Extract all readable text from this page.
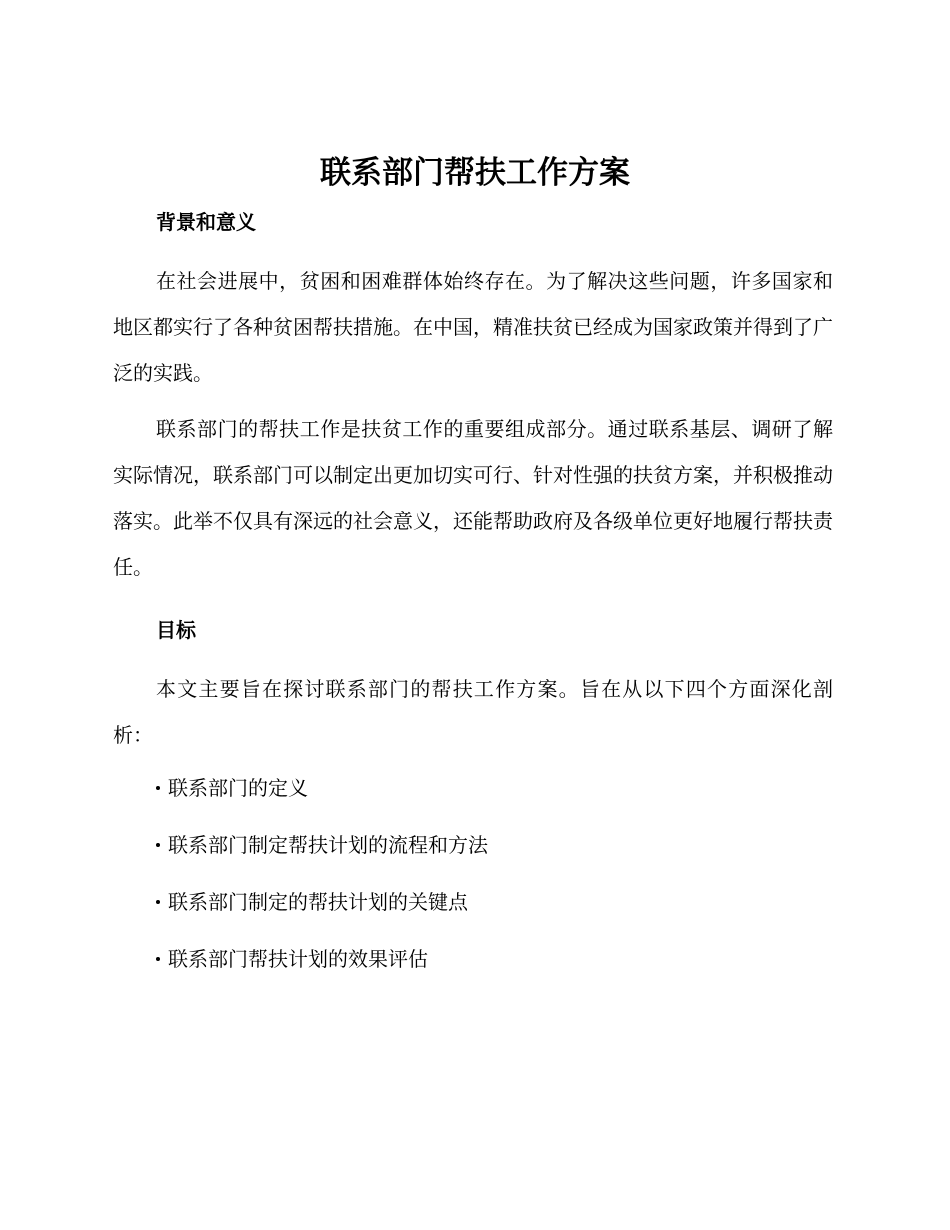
联系部门帮扶工作方案
背景和意义

在社会进展中，贫困和困难群体始终存在。为了解决这些问题，许多国家和地区都实行了各种贫困帮扶措施。在中国，精准扶贫已经成为国家政策并得到了广泛的实践。

联系部门的帮扶工作是扶贫工作的重要组成部分。通过联系基层、调研了解实际情况，联系部门可以制定出更加切实可行、针对性强的扶贫方案，并积极推动落实。此举不仅具有深远的社会意义，还能帮助政府及各级单位更好地履行帮扶责任。

目标

本文主要旨在探讨联系部门的帮扶工作方案。旨在从以下四个方面深化剖析：

联系部门的定义
联系部门制定帮扶计划的流程和方法
联系部门制定的帮扶计划的关键点
联系部门帮扶计划的效果评估
